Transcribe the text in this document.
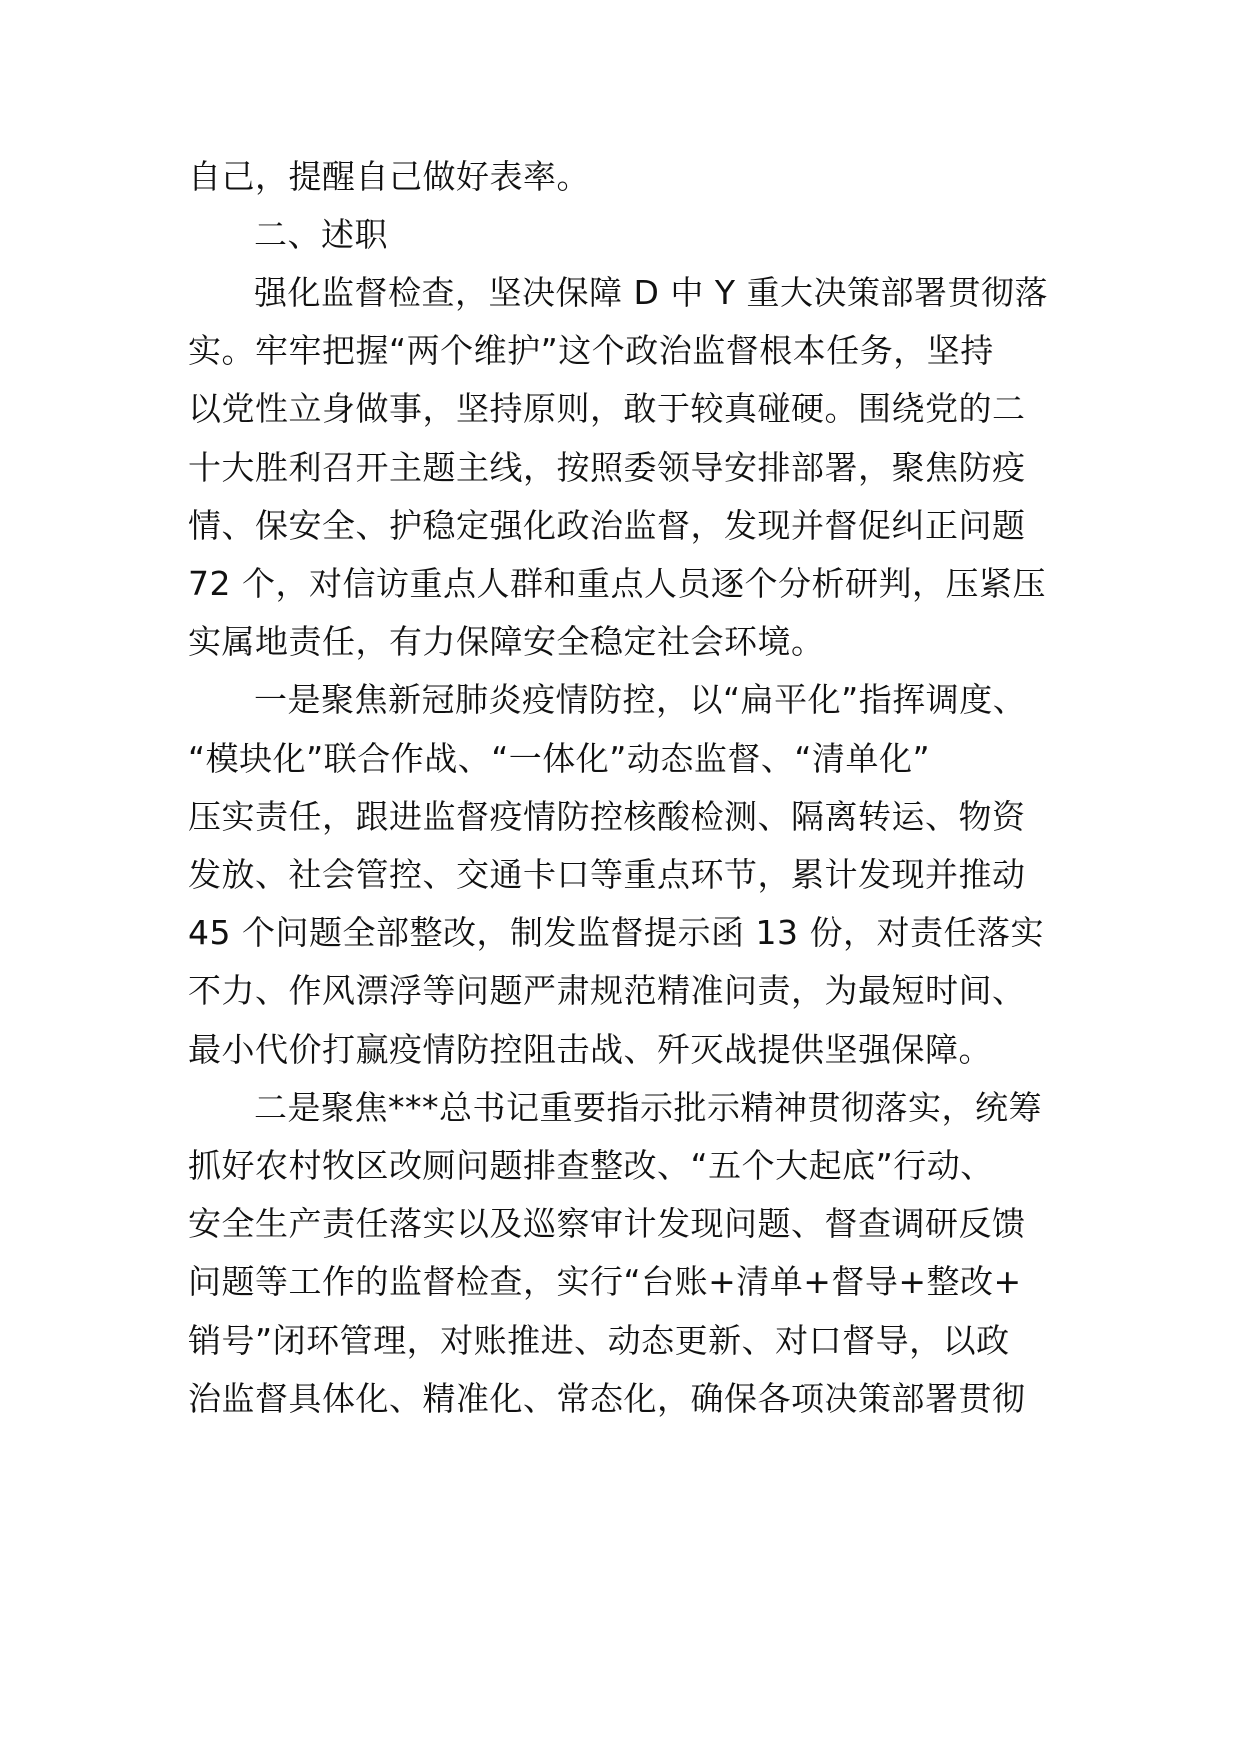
自己，提醒自己做好表率。
二、述职
强化监督检查，坚决保障 D 中 Y 重大决策部署贯彻落
实。牢牢把握“两个维护”这个政治监督根本任务，坚持
以党性立身做事，坚持原则，敢于较真碰硬。围绕党的二
十大胜利召开主题主线，按照委领导安排部署，聚焦防疫
情、保安全、护稳定强化政治监督，发现并督促纠正问题
72 个，对信访重点人群和重点人员逐个分析研判，压紧压
实属地责任，有力保障安全稳定社会环境。
一是聚焦新冠肺炎疫情防控，以“扁平化”指挥调度、
“模块化”联合作战、“一体化”动态监督、“清单化”
压实责任，跟进监督疫情防控核酸检测、隔离转运、物资
发放、社会管控、交通卡口等重点环节，累计发现并推动
45 个问题全部整改，制发监督提示函 13 份，对责任落实
不力、作风漂浮等问题严肃规范精准问责，为最短时间、
最小代价打赢疫情防控阻击战、歼灭战提供坚强保障。
二是聚焦***总书记重要指示批示精神贯彻落实，统筹
抓好农村牧区改厕问题排查整改、“五个大起底”行动、
安全生产责任落实以及巡察审计发现问题、督查调研反馈
问题等工作的监督检查，实行“台账+清单+督导+整改+
销号”闭环管理，对账推进、动态更新、对口督导，以政
治监督具体化、精准化、常态化，确保各项决策部署贯彻
